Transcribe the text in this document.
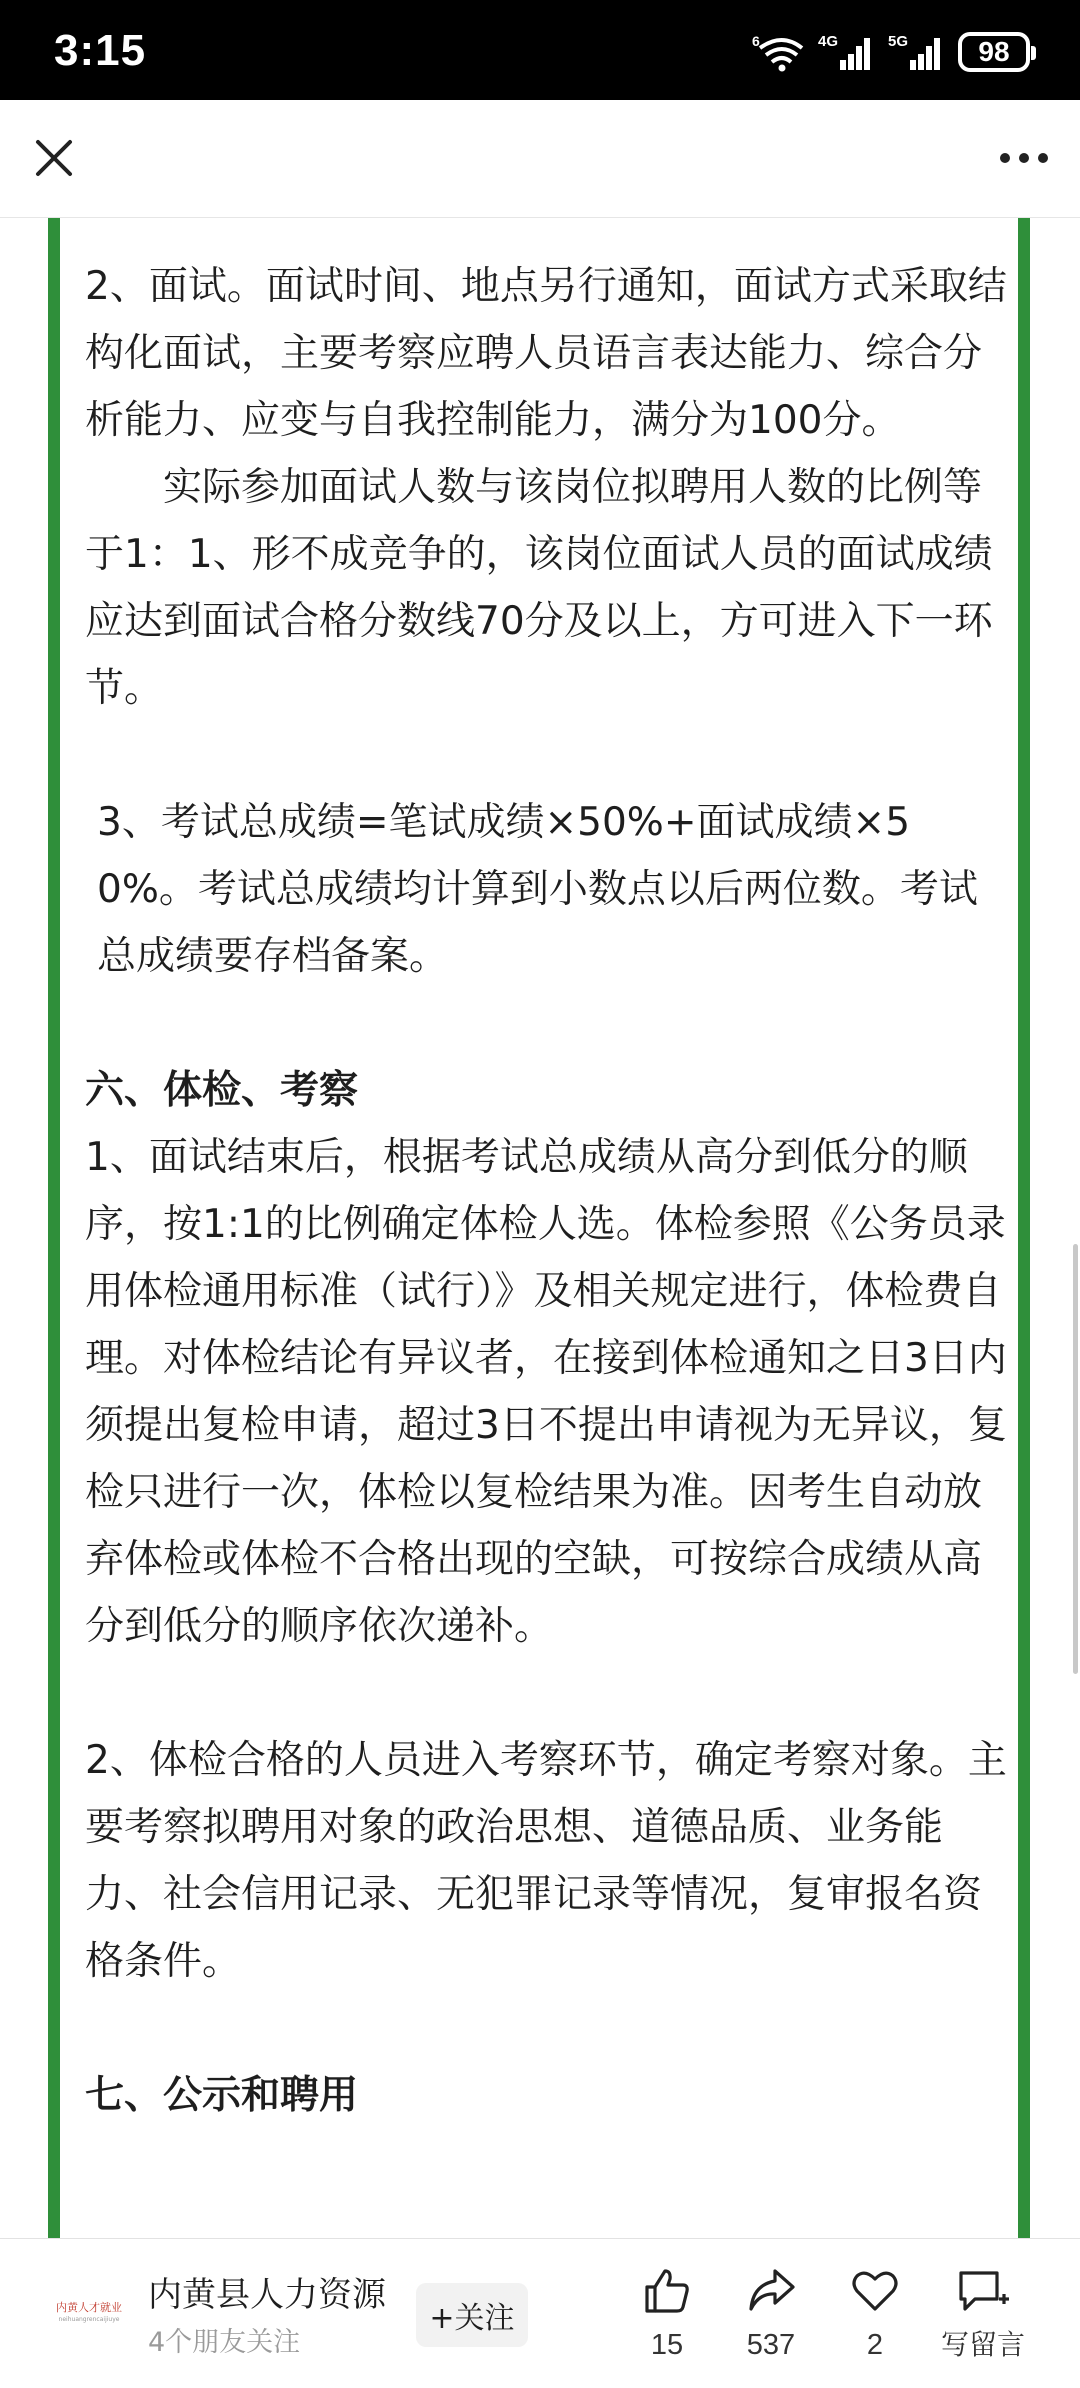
3:15	6	4G	5G	98

2、面试。面试时间、地点另行通知，面试方式采取结构化面试，主要考察应聘人员语言表达能力、综合分析能力、应变与自我控制能力，满分为100分。

实际参加面试人数与该岗位拟聘用人数的比例等于1：1、形不成竞争的，该岗位面试人员的面试成绩应达到面试合格分数线70分及以上，方可进入下一环节。

3、考试总成绩=笔试成绩×50%+面试成绩×50%。考试总成绩均计算到小数点以后两位数。考试总成绩要存档备案。

六、体检、考察

1、面试结束后，根据考试总成绩从高分到低分的顺序，按1:1的比例确定体检人选。体检参照《公务员录用体检通用标准（试行）》及相关规定进行，体检费自理。对体检结论有异议者，在接到体检通知之日3日内须提出复检申请，超过3日不提出申请视为无异议，复检只进行一次，体检以复检结果为准。因考生自动放弃体检或体检不合格出现的空缺，可按综合成绩从高分到低分的顺序依次递补。

2、体检合格的人员进入考察环节，确定考察对象。主要考察拟聘用对象的政治思想、道德品质、业务能力、社会信用记录、无犯罪记录等情况，复审报名资格条件。

七、公示和聘用

内黄人才就业
neihuangrencaijiuye
内黄县人力资源
4个朋友关注
+关注
15 537 2 写留言
